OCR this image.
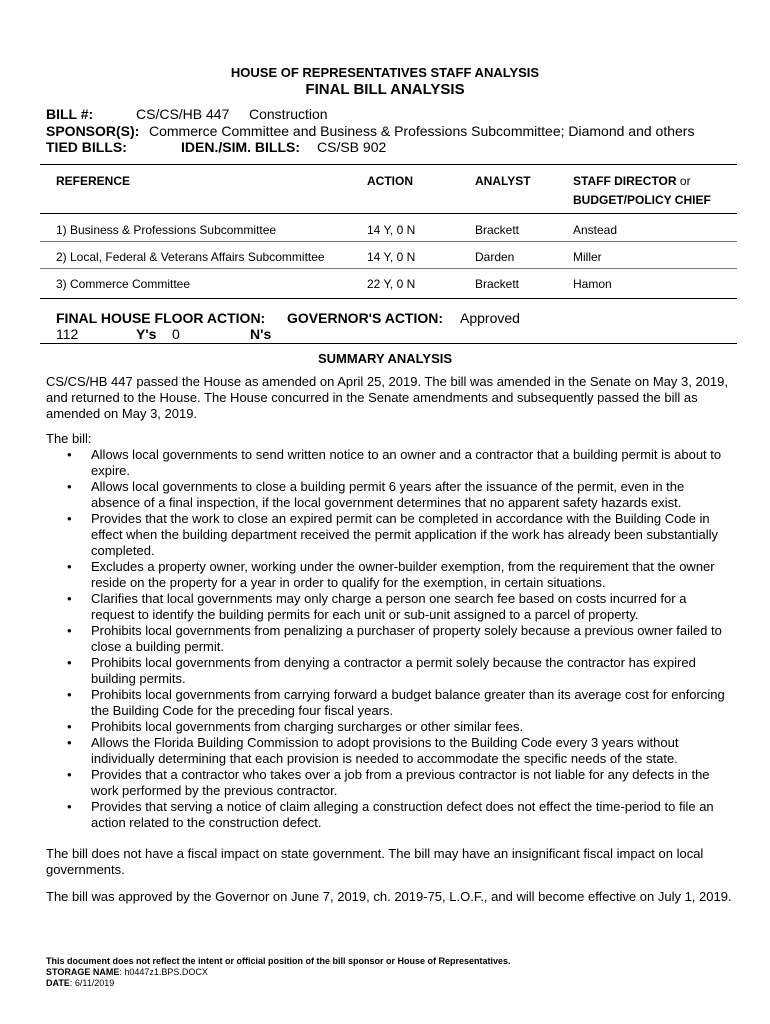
HOUSE OF REPRESENTATIVES STAFF ANALYSIS
FINAL BILL ANALYSIS
BILL #:	CS/CS/HB 447 Construction
SPONSOR(S): Commerce Committee and Business & Professions Subcommittee; Diamond and others
TIED BILLS:	IDEN./SIM. BILLS: CS/SB 902
REFERENCE	ACTION	ANALYST	STAFF DIRECTOR or
BUDGET/POLICY CHIEF
1) Business & Professions Subcommittee	14 Y, 0 N	Brackett	Anstead
2) Local, Federal & Veterans Affairs Subcommittee	14 Y, 0 N	Darden	Miller
3) Commerce Committee	22 Y, 0 N	Brackett	Hamon
FINAL HOUSE FLOOR ACTION: GOVERNOR'S ACTION: Approved
112	Y's 0	N's
SUMMARY ANALYSIS
CS/CS/HB 447 passed the House as amended on April 25, 2019. The bill was amended in the Senate on May 3, 2019, and returned to the House. The House concurred in the Senate amendments and subsequently passed the bill as amended on May 3, 2019.
The bill:
• Allows local governments to send written notice to an owner and a contractor that a building permit is about to expire.
• Allows local governments to close a building permit 6 years after the issuance of the permit, even in the absence of a final inspection, if the local government determines that no apparent safety hazards exist.
• Provides that the work to close an expired permit can be completed in accordance with the Building Code in effect when the building department received the permit application if the work has already been substantially completed.
• Excludes a property owner, working under the owner-builder exemption, from the requirement that the owner reside on the property for a year in order to qualify for the exemption, in certain situations.
• Clarifies that local governments may only charge a person one search fee based on costs incurred for a request to identify the building permits for each unit or sub-unit assigned to a parcel of property.
• Prohibits local governments from penalizing a purchaser of property solely because a previous owner failed to close a building permit.
• Prohibits local governments from denying a contractor a permit solely because the contractor has expired building permits.
• Prohibits local governments from carrying forward a budget balance greater than its average cost for enforcing the Building Code for the preceding four fiscal years.
• Prohibits local governments from charging surcharges or other similar fees.
• Allows the Florida Building Commission to adopt provisions to the Building Code every 3 years without individually determining that each provision is needed to accommodate the specific needs of the state.
• Provides that a contractor who takes over a job from a previous contractor is not liable for any defects in the work performed by the previous contractor.
• Provides that serving a notice of claim alleging a construction defect does not effect the time-period to file an action related to the construction defect.
The bill does not have a fiscal impact on state government. The bill may have an insignificant fiscal impact on local governments.
The bill was approved by the Governor on June 7, 2019, ch. 2019-75, L.O.F., and will become effective on July 1, 2019.
This document does not reflect the intent or official position of the bill sponsor or House of Representatives.
STORAGE NAME: h0447z1.BPS.DOCX
DATE: 6/11/2019
